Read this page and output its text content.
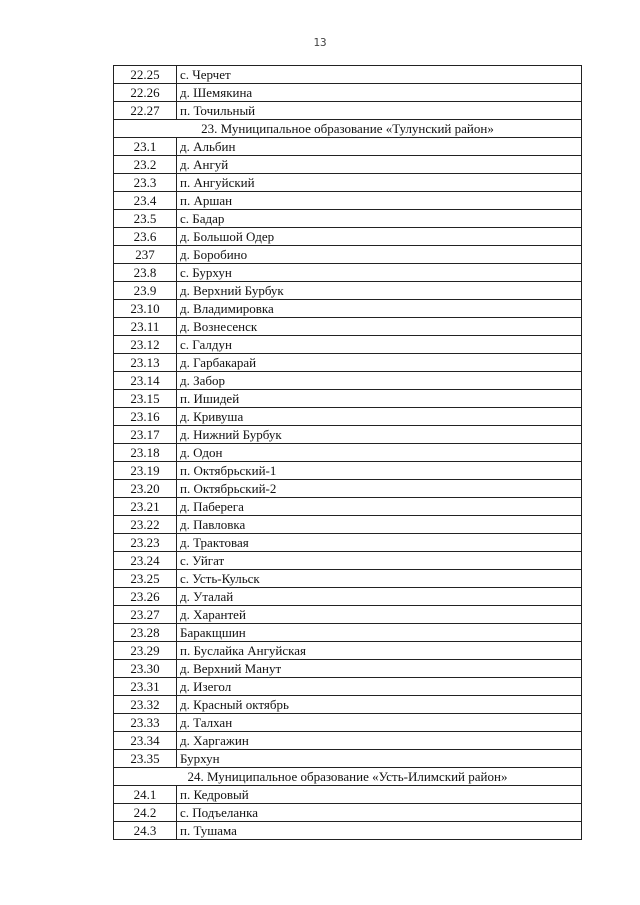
13
22.25	с. Черчет
22.26	д. Шемякина
22.27	п. Точильный
23. Муниципальное образование «Тулунский район»	
23.1	д. Альбин
23.2	д. Ангуй
23.3	п. Ангуйский
23.4	п. Аршан
23.5	с. Бадар
23.6	д. Большой Одер
237	д. Боробино
23.8	с. Бурхун
23.9	д. Верхний Бурбук
23.10	д. Владимировка
23.11	д. Вознесенск
23.12	с. Галдун
23.13	д. Гарбакарай
23.14	д. Забор
23.15	п. Ишидей
23.16	д. Кривуша
23.17	д. Нижний Бурбук
23.18	д. Одон
23.19	п. Октябрьский-1
23.20	п. Октябрьский-2
23.21	д. Паберега
23.22	д. Павловка
23.23	д. Трактовая
23.24	с. Уйгат
23.25	с. Усть-Кульск
23.26	д. Уталай
23.27	д. Харантей
23.28	Баракщшин
23.29	п. Буслайка Ангуйская
23.30	д. Верхний Манут
23.31	д. Изегол
23.32	д. Красный октябрь
23.33	д. Талхан
23.34	д. Харгажин
23.35	Бурхун
24. Муниципальное образование «Усть-Илимский район»	
24.1	п. Кедровый
24.2	с. Подъеланка
24.3	п. Тушама
